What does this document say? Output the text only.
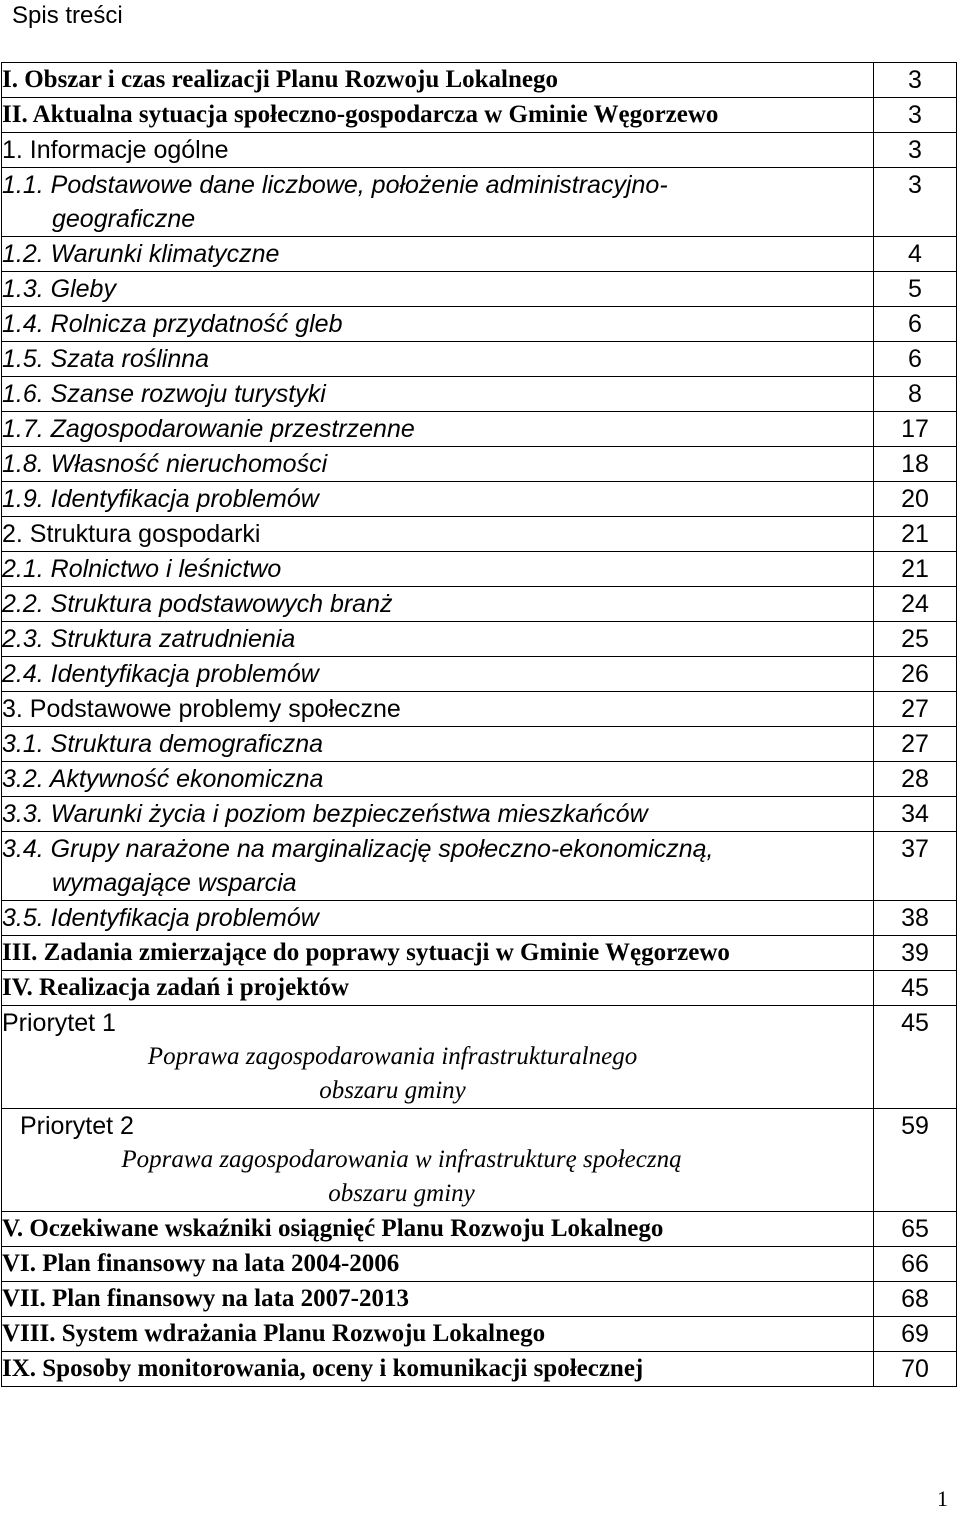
Spis treści
I. Obszar i czas realizacji Planu Rozwoju Lokalnego	3
II. Aktualna sytuacja społeczno-gospodarcza w Gminie Węgorzewo	3
1. Informacje ogólne	3
1.1. Podstawowe dane liczbowe, położenie administracyjno-
geograficzne	3
1.2. Warunki klimatyczne	4
1.3. Gleby	5
1.4. Rolnicza przydatność gleb	6
1.5. Szata roślinna	6
1.6. Szanse rozwoju turystyki	8
1.7. Zagospodarowanie przestrzenne	17
1.8. Własność nieruchomości	18
1.9. Identyfikacja problemów	20
2. Struktura gospodarki	21
2.1. Rolnictwo i leśnictwo	21
2.2. Struktura podstawowych branż	24
2.3. Struktura zatrudnienia	25
2.4. Identyfikacja problemów	26
3. Podstawowe problemy społeczne	27
3.1. Struktura demograficzna	27
3.2. Aktywność ekonomiczna	28
3.3. Warunki życia i poziom bezpieczeństwa mieszkańców	34
3.4. Grupy narażone na marginalizację społeczno-ekonomiczną,
wymagające wsparcia	37
3.5. Identyfikacja problemów	38
III. Zadania zmierzające do poprawy sytuacji w Gminie Węgorzewo	39
IV. Realizacja zadań i projektów	45

Priorytet 1
Poprawa zagospodarowania infrastrukturalnego
obszaru gminy	45

Priorytet 2
Poprawa zagospodarowania w infrastrukturę społeczną
obszaru gminy	59
V. Oczekiwane wskaźniki osiągnięć Planu Rozwoju Lokalnego	65
VI. Plan finansowy na lata 2004-2006	66
VII. Plan finansowy na lata 2007-2013	68
VIII. System wdrażania Planu Rozwoju Lokalnego	69
IX. Sposoby monitorowania, oceny i komunikacji społecznej	70
1
